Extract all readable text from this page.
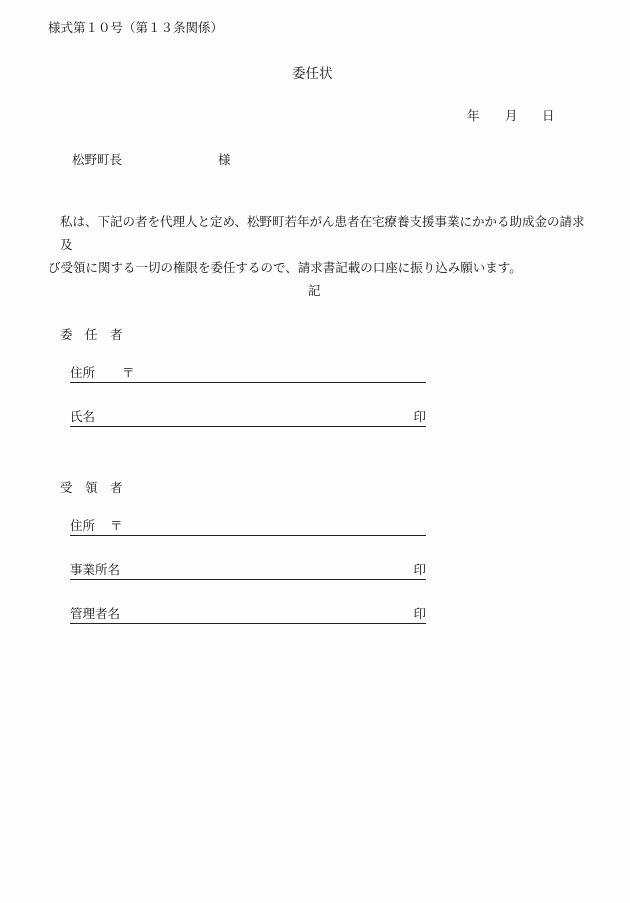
様式第１０号（第１３条関係）
委任状
年 月 日
松野町長	様
私は、下記の者を代理人と定め、松野町若年がん患者在宅療養支援事業にかかる助成金の請求及
び受領に関する一切の権限を委任するので、請求書記載の口座に振り込み願います。
記
委　任　者
住所 〒
氏名	印
受　領　者
住所 〒
事業所名	印
管理者名	印
